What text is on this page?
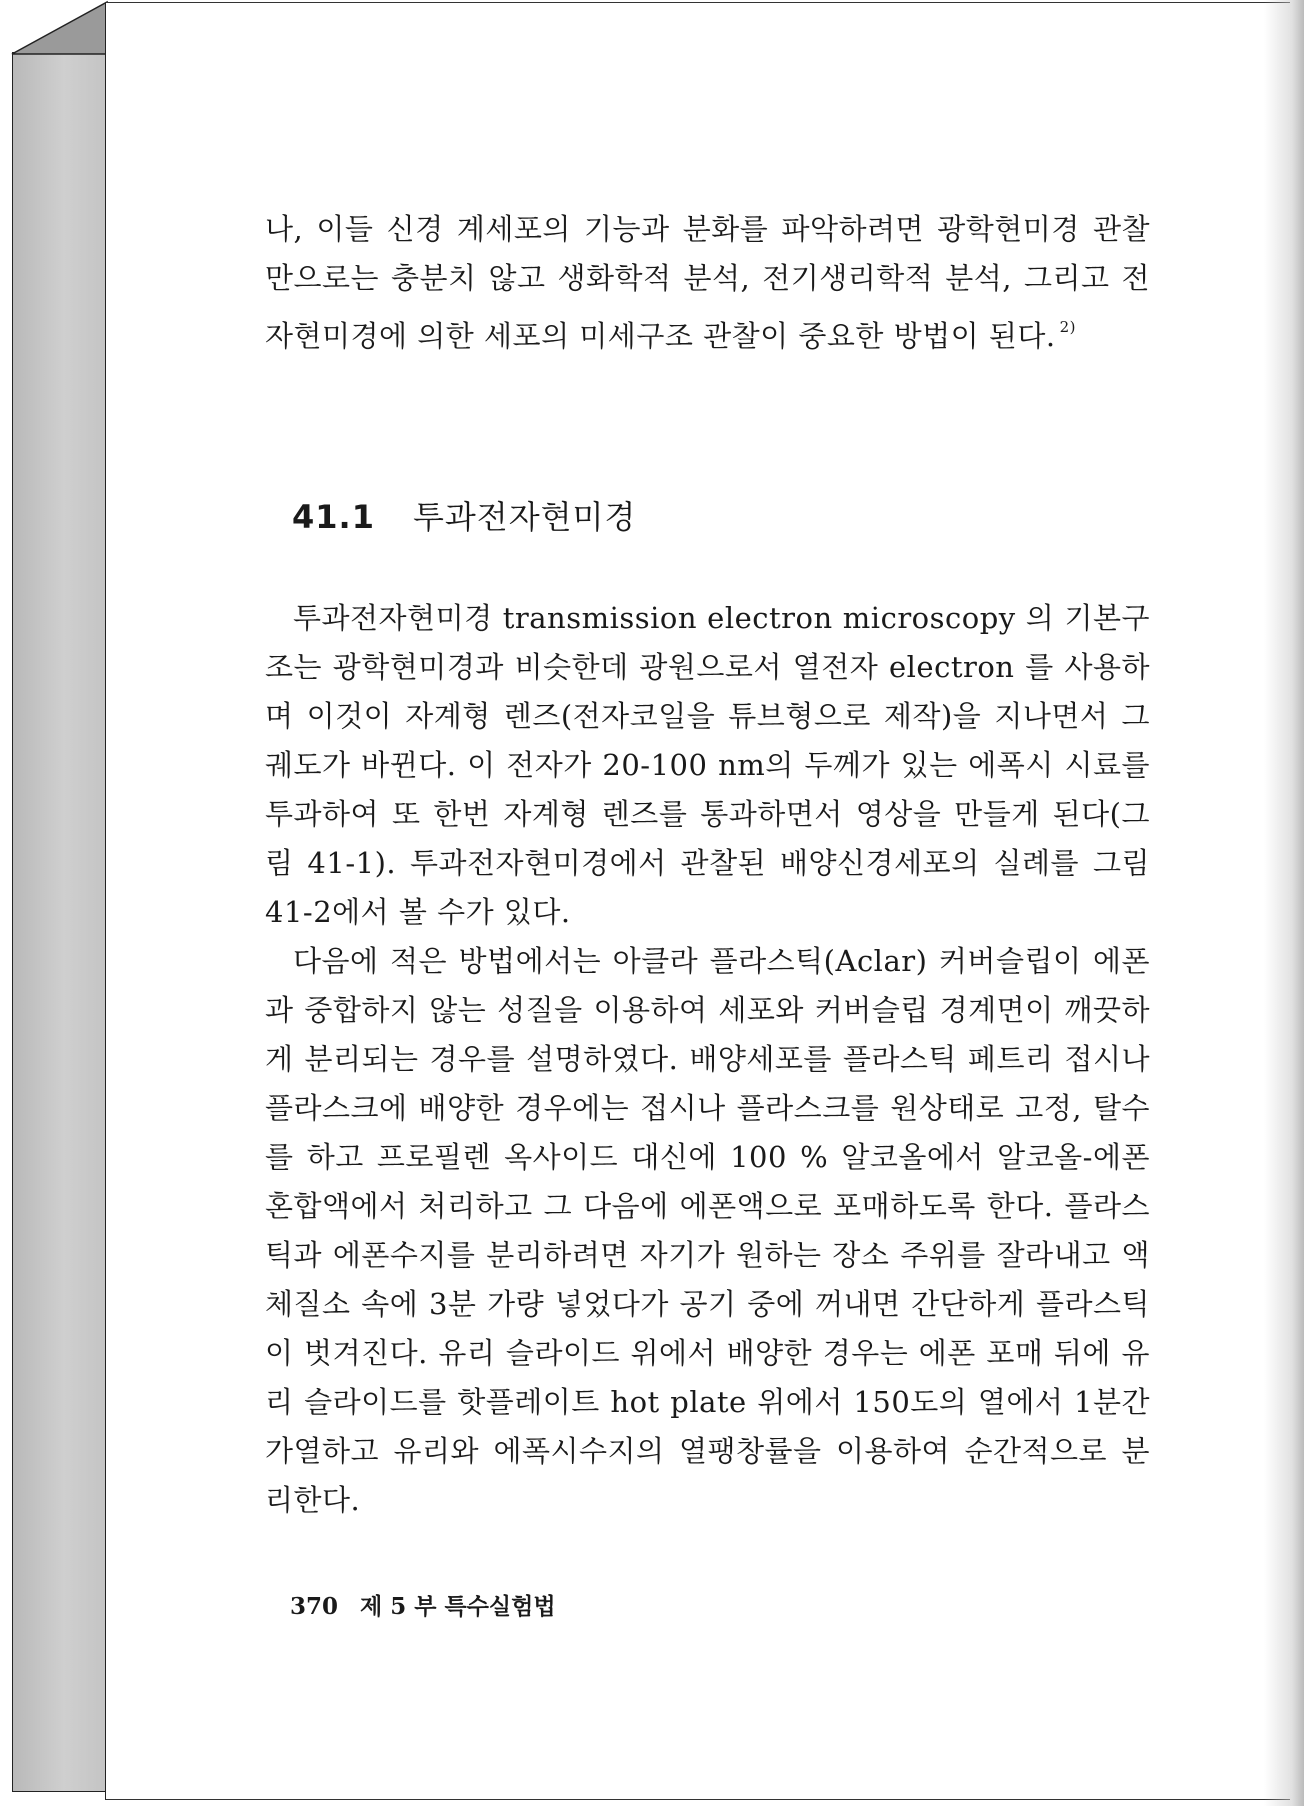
나, 이들 신경 계세포의 기능과 분화를 파악하려면 광학현미경 관찰만으로는 충분치 않고 생화학적 분석, 전기생리학적 분석, 그리고 전자현미경에 의한 세포의 미세구조 관찰이 중요한 방법이 된다. $^{2)}$

41.1 투과전자현미경

투과전자현미경 transmission electron microscopy 의 기본구조는 광학현미경과 비슷한데 광원으로서 열전자 electron 를 사용하며 이것이 자계형 렌즈(전자코일을 튜브형으로 제작)을 지나면서 그 궤도가 바뀐다. 이 전자가 20-100 nm의 두께가 있는 에폭시 시료를 투과하여 또 한번 자계형 렌즈를 통과하면서 영상을 만들게 된다(그림 41-1). 투과전자현미경에서 관찰된 배양신경세포의 실례를 그림 41-2에서 볼 수가 있다.

다음에 적은 방법에서는 아클라 플라스틱(Aclar) 커버슬립이 에폰과 중합하지 않는 성질을 이용하여 세포와 커버슬립 경계면이 깨끗하게 분리되는 경우를 설명하였다. 배양세포를 플라스틱 페트리 접시나 플라스크에 배양한 경우에는 접시나 플라스크를 원상태로 고정, 탈수를 하고 프로필렌 옥사이드 대신에 100 % 알코올에서 알코올-에폰 혼합액에서 처리하고 그 다음에 에폰액으로 포매하도록 한다. 플라스틱과 에폰수지를 분리하려면 자기가 원하는 장소 주위를 잘라내고 액체질소 속에 3분 가량 넣었다가 공기 중에 꺼내면 간단하게 플라스틱이 벗겨진다. 유리 슬라이드 위에서 배양한 경우는 에폰 포매 뒤에 유리 슬라이드를 핫플레이트 hot plate 위에서 150도의 열에서 1분간 가열하고 유리와 에폭시수지의 열팽창률을 이용하여 순간적으로 분리한다.

370 제 5 부 특수실험법
